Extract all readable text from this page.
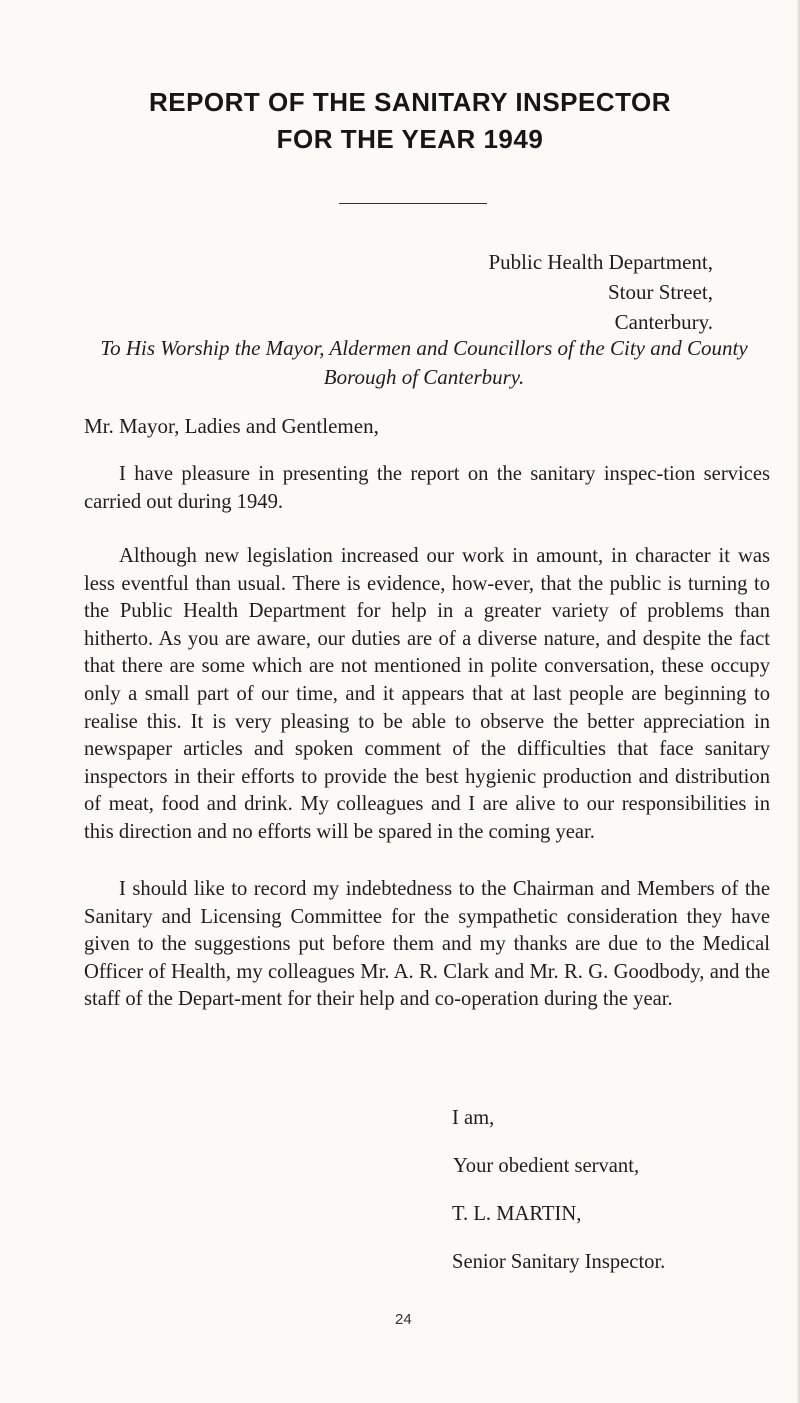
REPORT OF THE SANITARY INSPECTOR
FOR THE YEAR 1949
Public Health Department,
Stour Street,
Canterbury.
To His Worship the Mayor, Aldermen and Councillors of the City and County Borough of Canterbury.
Mr. Mayor, Ladies and Gentlemen,

I have pleasure in presenting the report on the sanitary inspec-tion services carried out during 1949.

Although new legislation increased our work in amount, in character it was less eventful than usual. There is evidence, how-ever, that the public is turning to the Public Health Department for help in a greater variety of problems than hitherto. As you are aware, our duties are of a diverse nature, and despite the fact that there are some which are not mentioned in polite conversation, these occupy only a small part of our time, and it appears that at last people are beginning to realise this. It is very pleasing to be able to observe the better appreciation in newspaper articles and spoken comment of the difficulties that face sanitary inspectors in their efforts to provide the best hygienic production and distribution of meat, food and drink. My colleagues and I are alive to our responsibilities in this direction and no efforts will be spared in the coming year.

I should like to record my indebtedness to the Chairman and Members of the Sanitary and Licensing Committee for the sympathetic consideration they have given to the suggestions put before them and my thanks are due to the Medical Officer of Health, my colleagues Mr. A. R. Clark and Mr. R. G. Goodbody, and the staff of the Depart-ment for their help and co-operation during the year.

I am,
Your obedient servant,
T. L. MARTIN,
Senior Sanitary Inspector.
24
